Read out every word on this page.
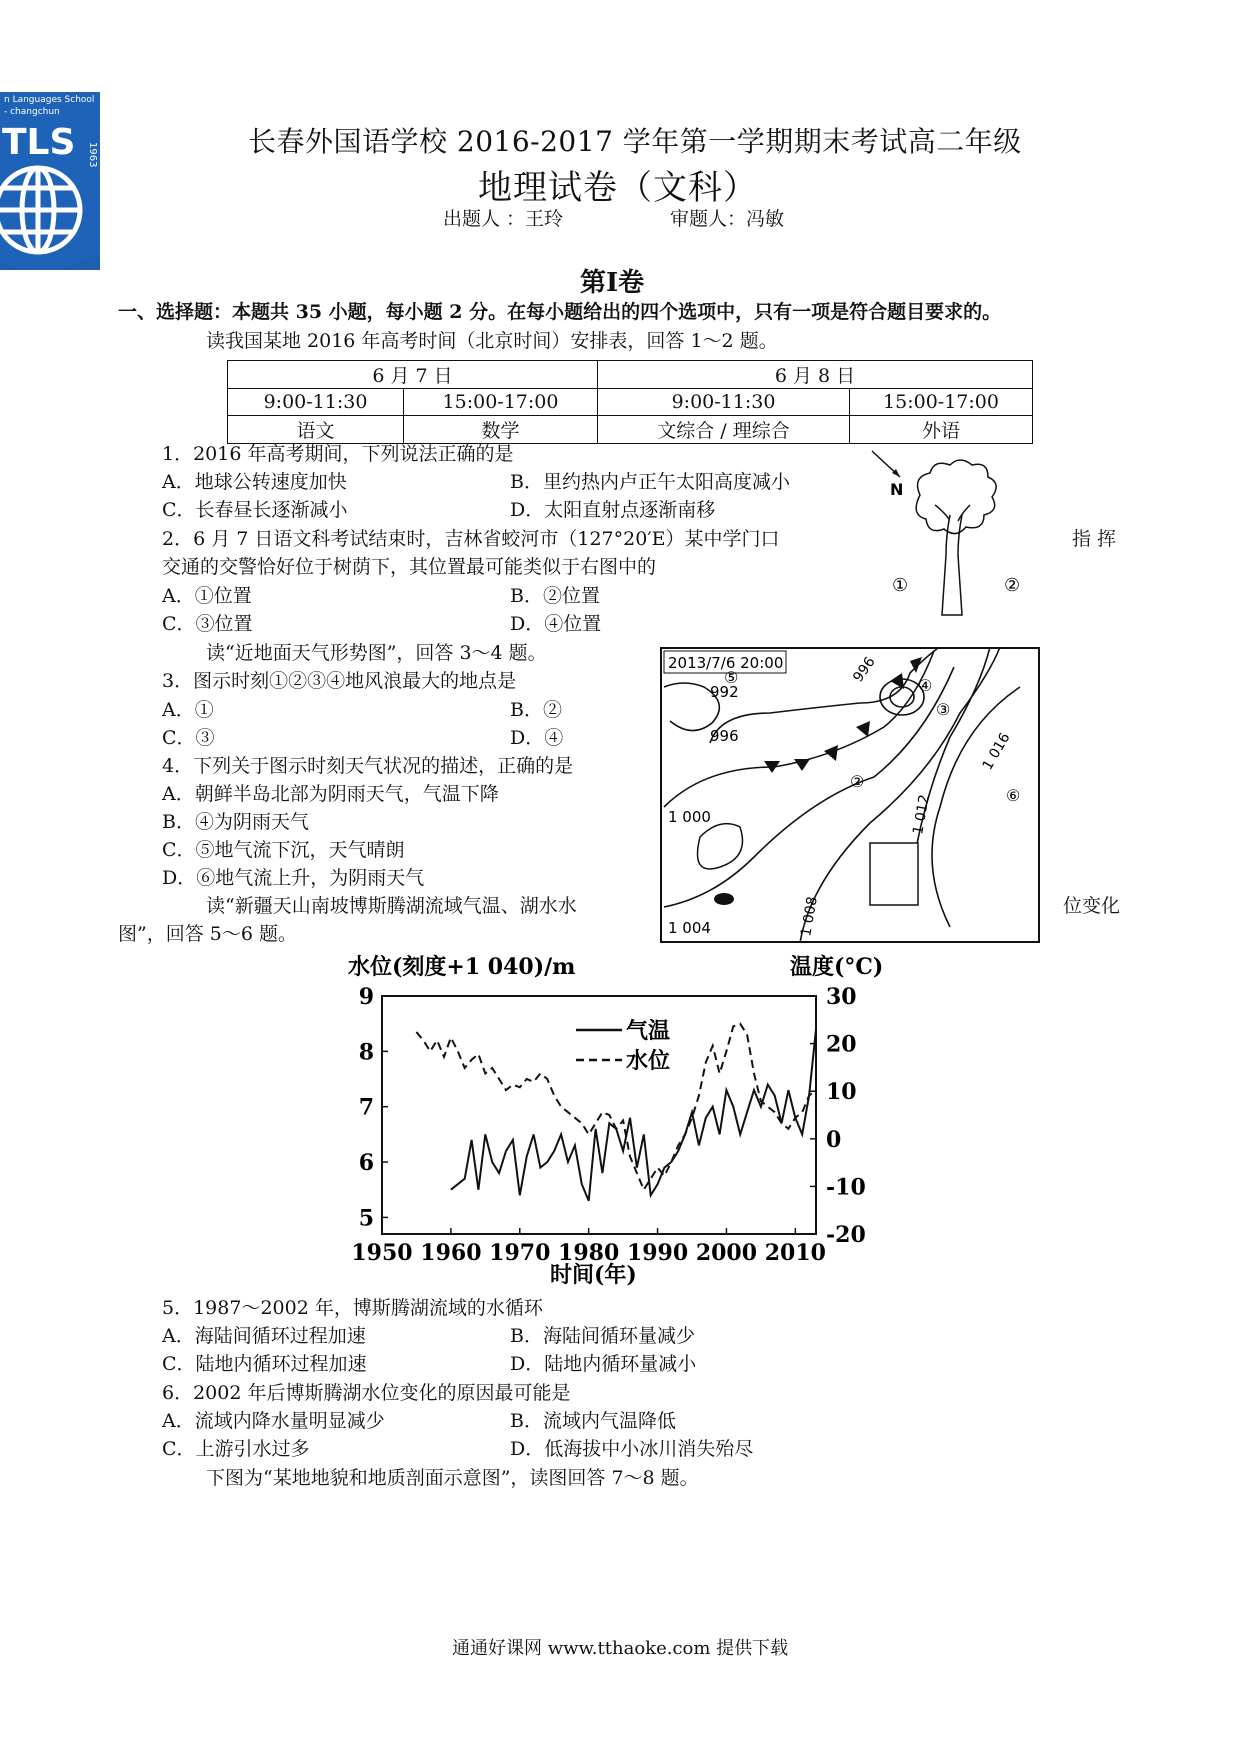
n Languages School
- changchun
TLS 1963	长春外国语学校 2016-2017 学年第一学期期末考试高二年级
地理试卷（文科）
出题人 ：王玲	审题人：冯敏
第Ⅰ卷
一、选择题：本题共 35 小题，每小题 2 分。在每小题给出的四个选项中，只有一项是符合题目要求的。
读我国某地 2016 年高考时间（北京时间）安排表，回答 1～2 题。
6 月 7 日		6 月 8 日	
9:00-11:30	15:00-17:00	9:00-11:30	15:00-17:00
语文	数学	文综合 / 理综合	外语
1．2016 年高考期间，下列说法正确的是
A．地球公转速度加快	B．里约热内卢正午太阳高度减小
C．长春昼长逐渐减小	D．太阳直射点逐渐南移
2．6 月 7 日语文科考试结束时，吉林省蛟河市（127°20′E）某中学门口	指 挥
交通的交警恰好位于树荫下，其位置最可能类似于右图中的
A．①位置	B．②位置
C．③位置	D．④位置
N
①	②
读“近地面天气形势图”，回答 3～4 题。
3．图示时刻①②③④地风浪最大的地点是
A．①	B．②
C．③	D．④
4．下列关于图示时刻天气状况的描述，正确的是
A．朝鲜半岛北部为阴雨天气，气温下降
B．④为阴雨天气
C．⑤地气流下沉，天气晴朗
D．⑥地气流上升，为阴雨天气
2013/7/6 20:00
992
996
996
1 000
1 004	1 008
1 012
1 016
②
③
④
⑤
⑥
读“新疆天山南坡博斯腾湖流域气温、湖水水	位变化
图”，回答 5～6 题。
水位(刻度+1 040)/m	温度(°C)
1950 1960 1970 1980 1990 2000 2010
5
6
7
8
9
-20
-10
0
10
20
30
气温
水位
时间(年)
5．1987～2002 年，博斯腾湖流域的水循环
A．海陆间循环过程加速	B．海陆间循环量减少
C．陆地内循环过程加速	D．陆地内循环量减小
6．2002 年后博斯腾湖水位变化的原因最可能是
A．流域内降水量明显减少	B．流域内气温降低
C．上游引水过多	D．低海拔中小冰川消失殆尽
下图为“某地地貌和地质剖面示意图”，读图回答 7～8 题。
通通好课网 www.tthaoke.com 提供下载
